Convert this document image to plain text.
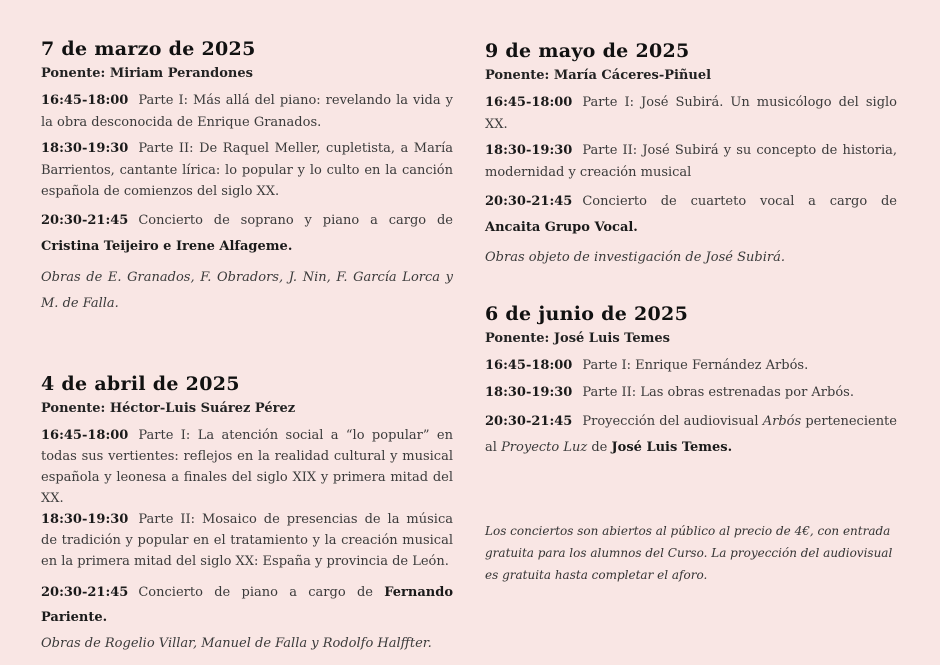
7 de marzo de 2025
Ponente: Miriam Perandones

16:45-18:00 Parte I: Más allá del piano: revelando la vida y la obra desconocida de Enrique Granados.

18:30-19:30 Parte II: De Raquel Meller, cupletista, a María Barrientos, cantante lírica: lo popular y lo culto en la canción española de comienzos del siglo XX.

20:30-21:45 Concierto de soprano y piano a cargo de Cristina Teijeiro e Irene Alfageme.

Obras de E. Granados, F. Obradors, J. Nin, F. García Lorca y M. de Falla.

4 de abril de 2025
Ponente: Héctor-Luis Suárez Pérez

16:45-18:00 Parte I: La atención social a “lo popular” en todas sus vertientes: reflejos en la realidad cultural y musical española y leonesa a finales del siglo XIX y primera mitad del XX.

18:30-19:30 Parte II: Mosaico de presencias de la música de tradición y popular en el tratamiento y la creación musical en la primera mitad del siglo XX: España y provincia de León.

20:30-21:45 Concierto de piano a cargo de Fernando Pariente.

Obras de Rogelio Villar, Manuel de Falla y Rodolfo Halffter.

9 de mayo de 2025
Ponente: María Cáceres-Piñuel

16:45-18:00 Parte I: José Subirá. Un musicólogo del siglo XX.

18:30-19:30 Parte II: José Subirá y su concepto de historia, modernidad y creación musical

20:30-21:45 Concierto de cuarteto vocal a cargo de Ancaita Grupo Vocal.

Obras objeto de investigación de José Subirá.

6 de junio de 2025
Ponente: José Luis Temes

16:45-18:00 Parte I: Enrique Fernández Arbós.

18:30-19:30 Parte II: Las obras estrenadas por Arbós.

20:30-21:45 Proyección del audiovisual Arbós perteneciente al Proyecto Luz de José Luis Temes.

Los conciertos son abiertos al público al precio de 4€, con entrada gratuita para los alumnos del Curso. La proyección del audiovisual es gratuita hasta completar el aforo.
